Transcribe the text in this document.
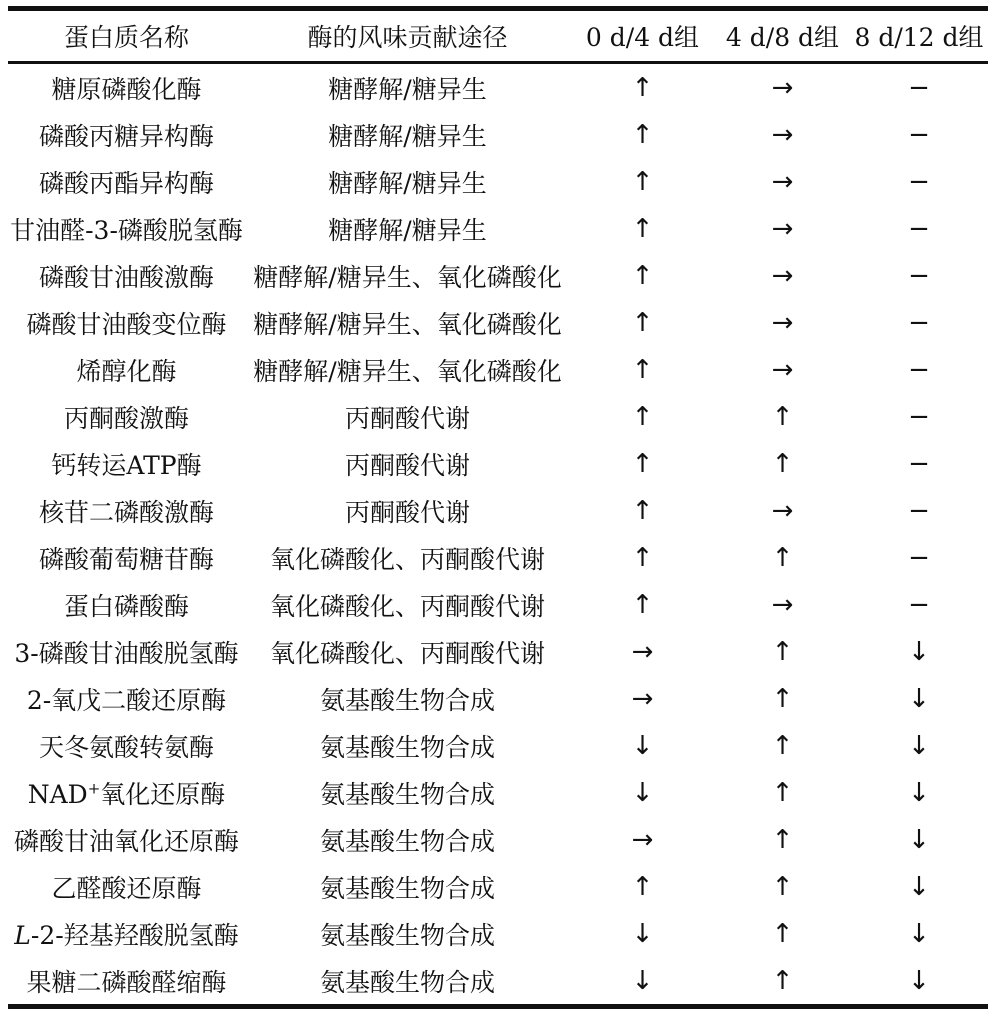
蛋白质名称	酶的风味贡献途径	0 d/4 d组	4 d/8 d组	8 d/12 d组
糖原磷酸化酶	糖酵解/糖异生	↑	→	−
磷酸丙糖异构酶	糖酵解/糖异生	↑	→	−
磷酸丙酯异构酶	糖酵解/糖异生	↑	→	−
甘油醛-3-磷酸脱氢酶	糖酵解/糖异生	↑	→	−
磷酸甘油酸激酶	糖酵解/糖异生、氧化磷酸化	↑	→	−
磷酸甘油酸变位酶	糖酵解/糖异生、氧化磷酸化	↑	→	−
烯醇化酶	糖酵解/糖异生、氧化磷酸化	↑	→	−
丙酮酸激酶	丙酮酸代谢	↑	↑	−
钙转运ATP酶	丙酮酸代谢	↑	↑	−
核苷二磷酸激酶	丙酮酸代谢	↑	→	−
磷酸葡萄糖苷酶	氧化磷酸化、丙酮酸代谢	↑	↑	−
蛋白磷酸酶	氧化磷酸化、丙酮酸代谢	↑	→	−
3-磷酸甘油酸脱氢酶	氧化磷酸化、丙酮酸代谢	→	↑	↓
2-氧戊二酸还原酶	氨基酸生物合成	→	↑	↓
天冬氨酸转氨酶	氨基酸生物合成	↓	↑	↓
NAD+氧化还原酶	氨基酸生物合成	↓	↑	↓
磷酸甘油氧化还原酶	氨基酸生物合成	→	↑	↓
乙醛酸还原酶	氨基酸生物合成	↑	↑	↓
L-2-羟基羟酸脱氢酶	氨基酸生物合成	↓	↑	↓
果糖二磷酸醛缩酶	氨基酸生物合成	↓	↑	↓
